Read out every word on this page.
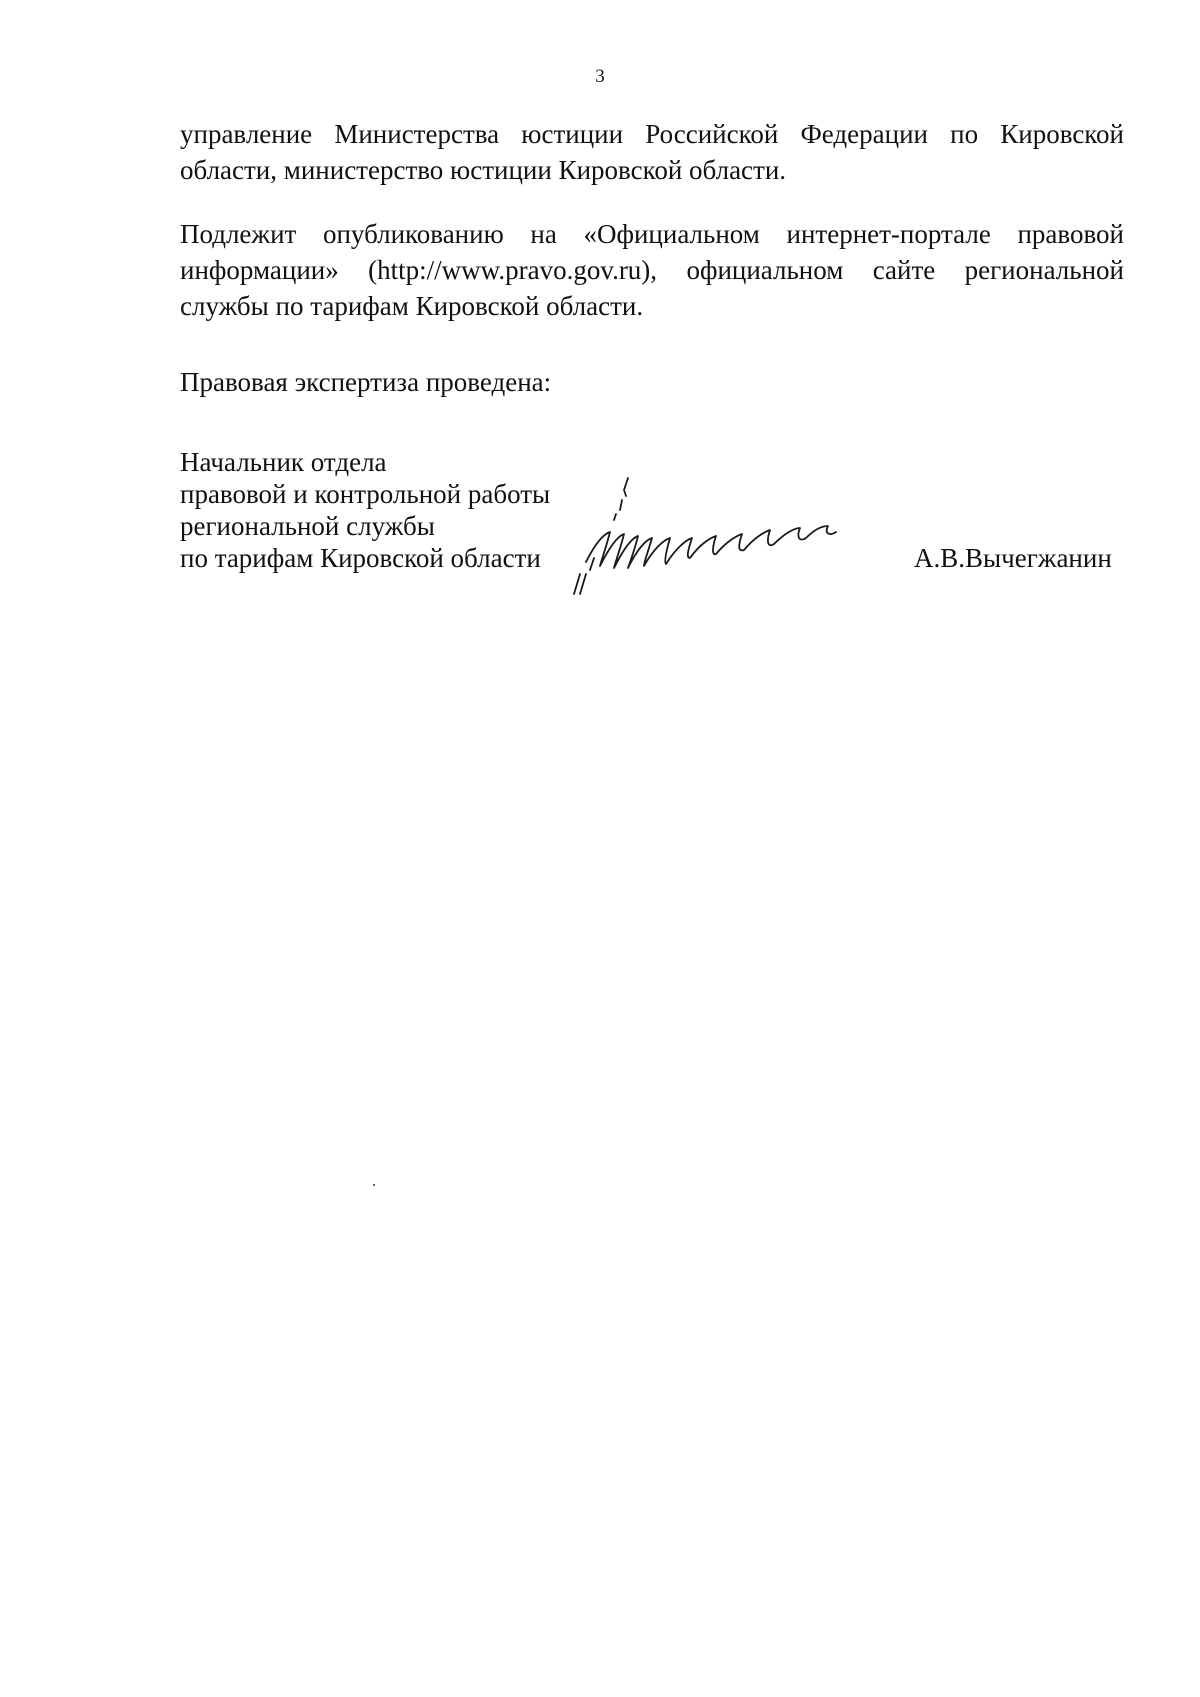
3

управление Министерства юстиции Российской Федерации по Кировской области, министерство юстиции Кировской области.

Подлежит опубликованию на «Официальном интернет-портале правовой информации» (http://www.pravo.gov.ru), официальном сайте региональной службы по тарифам Кировской области.

Правовая экспертиза проведена:

Начальник отдела
правовой и контрольной работы
региональной службы
по тарифам Кировской области	А.В.Вычегжанин
